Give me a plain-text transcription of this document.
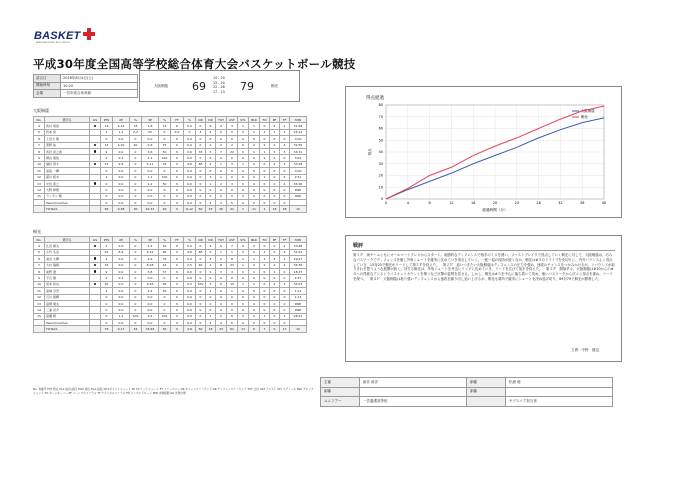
BASKET
JAPAN BASKETBALL ASSOCIATION
平成30年度全国高等学校総合体育大会バスケットボール競技
試合日	2018年8月4日(土)
開始時刻	10:20
会場	一宮市総合体育館
大阪桐蔭 69
15 - 20
15 - 20
22 - 26
17 - 13 79	桐光
大阪桐蔭
No.	選手名	GS	PTS	2P	%	3P	%	FT	%	OR	DR	TOT	AST	STL	BLK	TO	PF	TF	MIN
4	武村 竜崇		14	4-12	33	1-8	13	6	0-0	0	6	2	3	1	1	0	4	1	31:58
5	岩本 晃		1	1-1	2-2	50	0	0-0	0	4	4	0	0	0	1	2	1	1	15:12
6	上田大 陽		0	0-0	0	0-0	0	0	0-0	0	0	0	0	0	0	0	0	0	0:00
7	泰野 祐		13	4-10	40	0-6	75	0	0-0	0	0	2	2	0	2	2	0	4	32:55
8	武村 虎之助		9	0-0	0	3-6	50	0	2-6	33	3	7	22	0	1	1	3	3	34:31
9	柳谷 康佑		0	0-1	0	1-1	100	0	0-0	0	0	0	0	0	0	1	1	0	3:03
10	福村 啓斗		15	9-9	0	5-11	33	0	4-6	66	2	1	3	1	0	0	2	3	33:28
11	高島 一輝		0	0-0	0	0-0	0	0	0-0	0	0	0	0	0	0	0	0	0	0:00
12	富川 昭木		1	0-0	0	1-1	100	0	0-0	0	3	1	0	0	0	1	0	4	2:51
13	中田 泰之		0	0-0	0	1-2	50	0	0-0	0	1	2	3	0	0	0	0	4	34:46
14	大野 修理		0	0-0	0	0-0	0	0	0-0	0	0	0	0	0	0	0	0	0	DNP
15	ウィポン 聖		0	0-0	0	0-0	0	0	0-0	0	0	0	0	0	0	0	0	0	DNP
	Team/Coaches		0	0-0	0	0-0	0	0	0-0	0	2	3	5	0	0	0	0	0	
	TOTALS		69	9-38	30	19-37	49	0	6-12	50	15	26	41	7	11	1	18	18	10
桐光
No.	選手名	GS	PTS	2P	%	3P	%	FT	%	OR	DR	TOT	AST	STL	BLK	TO	PF	TF	MIN
4	辻田 健太		4	0-0	0	2-5	40	0	0-0	0	2	5	7	4	2	0	0	2	33:48
5	小竹 弘法		22	8-9	0	9-12	66	0	4-6	66	0	1	1	0	0	2	0	4	31:03
6	池田 大輝		4	0-0	0	2-6	33	0	0-0	0	3	5	8	1	1	1	2	3	29:47
7	大村 瑞樹		24	0-0	0	8-18	44	0	2-5	40	1	8	23	1	0	2	2	2	36:30
8	前野 遼		9	0-0	0	3-8	37	0	0-0	0	1	3	4	0	1	0	1	0	18:47
9	平石 陽		0	0-1	0	0-0	0	0	0-0	0	0	0	0	0	0	0	0	0	4:37
10	坂本 和也		20	0-0	0	9-16	56	0	2-2	100	3	6	10	1	1	0	2	3	35:03
11	高城 章吾		2	0-0	0	1-2	50	0	0-0	0	1	0	1	0	0	0	0	0	1:13
12	石川 夏輝		0	0-0	0	0-0	0	0	0-0	0	0	0	0	0	0	0	0	0	1:13
13	高柳 翔太		0	0-0	0	0-0	0	0	0-0	0	0	0	0	0	0	0	0	0	DNP
14	三浦 亮介		0	0-0	0	0-0	0	0	0-0	0	0	0	0	0	0	0	0	0	DNP
15	高瀬 朝		0	1-1	100	2-2	100	0	0-0	0	1	5	6	0	0	1	0	1	28:41
	Team/Coaches		0	0-0	0	0-0	0	0	0-0	0	2	4	6	0	0	0	0	0	
	TOTALS		79	9-17	52	33-65	50	0	4-8	50	18	43	61	13	6	7	9	17	12
No. 背番号 PTS 得点 M-A 成功-試投 FGM 成功 FGA 試投 2P 2ポイントシュート 3P 3ポイントシュート FT フリースロー OR オフェンスリバウンド DR ディフェンスリバウンド TOT 合計 AST アシスト STL スティール BLK ブロックショット TO ターンオーバー PF パーソナルファウル TF テクニカルファウル FD ファウルドローン MIN 出場時間 GS 先発出場
得点経過
0
10
20
30
40
50
60
70
80
0	4	8	12	16	20	24	28	32	36	40
経過時間（分）
得点
大阪桐蔭
桐光
戦評
第１Ｐ　両チームともにオールコートプレスからスタート。前節的なディフェンスで相手のミスを誘い、ファストブレイクで得点していく桐光に対して、大阪桐蔭は、巧みなパスワークでディフェンスを崩し外角シュートを確実に沈めていき得点していく。一進一退の攻防が続くなか、桐光は#５のドライブを皮切りに、内外バランスよく得点していき、15対20で桐光がリードして第２Ｐを終えた。　第２Ｐ　追いつきたい大阪桐蔭はディフェンスの圧力を強め、速攻のチャンスをつかみかけるが、リバウンドが取りきれず思うような展開が続く。対する桐光は、外角シュートを丹念にリングに沈めていき、リードを広げて前半を終えた。　第３Ｐ　開始早々、大阪桐蔭は#10からの#４への得意なアシストでバスケットカウントを奪うなど反撃の姿勢を見せる。しかし、桐光は#５を中心に落ち着いて攻め、速いパスワークから次々と得点を重ね、リードを保つ。　第４Ｐ　大阪桐蔭は粘り強いディフェンスから速攻を繰り出し追い上げるが、桐光も要所で確実にシュートを決め逃げ切り、69対79で桐光が勝利した。
文責：中野　健也
主審	新井 政洋	副審	松浦 聡
副審		副審	
ユニフアー	一宮養護高等校		ヤブスコア担当者
